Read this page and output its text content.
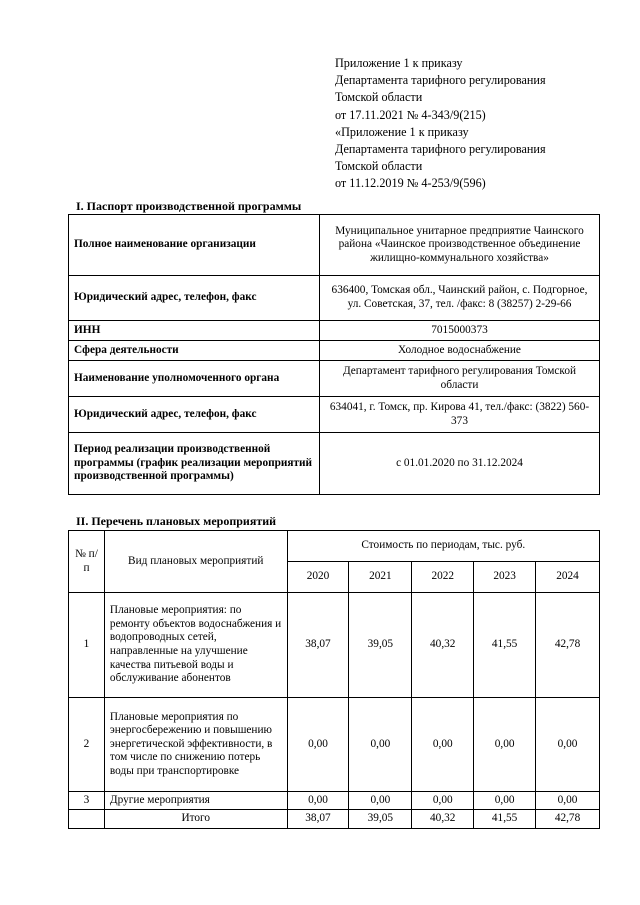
Приложение 1 к приказу
Департамента тарифного регулирования
Томской области
от 17.11.2021 № 4-343/9(215)
«Приложение 1 к приказу
Департамента тарифного регулирования
Томской области
от 11.12.2019 № 4-253/9(596)
I. Паспорт производственной программы
Полное наименование организации	Муниципальное унитарное предприятие Чаинского района «Чаинское производственное объединение жилищно-коммунального хозяйства»
Юридический адрес, телефон, факс	636400, Томская обл., Чаинский район, с. Подгорное, ул. Советская, 37, тел. /факс: 8 (38257) 2-29-66
ИНН	7015000373
Сфера деятельности	Холодное водоснабжение
Наименование уполномоченного органа	Департамент тарифного регулирования Томской области
Юридический адрес, телефон, факс	634041, г. Томск, пр. Кирова 41, тел./факс: (3822) 560-373
Период реализации производственной программы (график реализации мероприятий производственной программы)	с 01.01.2020 по 31.12.2024
II. Перечень плановых мероприятий
№ п/п	Вид плановых мероприятий	Стоимость по периодам, тыс. руб.				
		2020	2021	2022	2023	2024
1	Плановые мероприятия: по ремонту объектов водоснабжения и водопроводных сетей, направленные на улучшение качества питьевой воды и обслуживание абонентов	38,07	39,05	40,32	41,55	42,78
2	Плановые мероприятия по энергосбережению и повышению энергетической эффективности, в том числе по снижению потерь воды при транспортировке	0,00	0,00	0,00	0,00	0,00
3	Другие мероприятия	0,00	0,00	0,00	0,00	0,00
	Итого	38,07	39,05	40,32	41,55	42,78
